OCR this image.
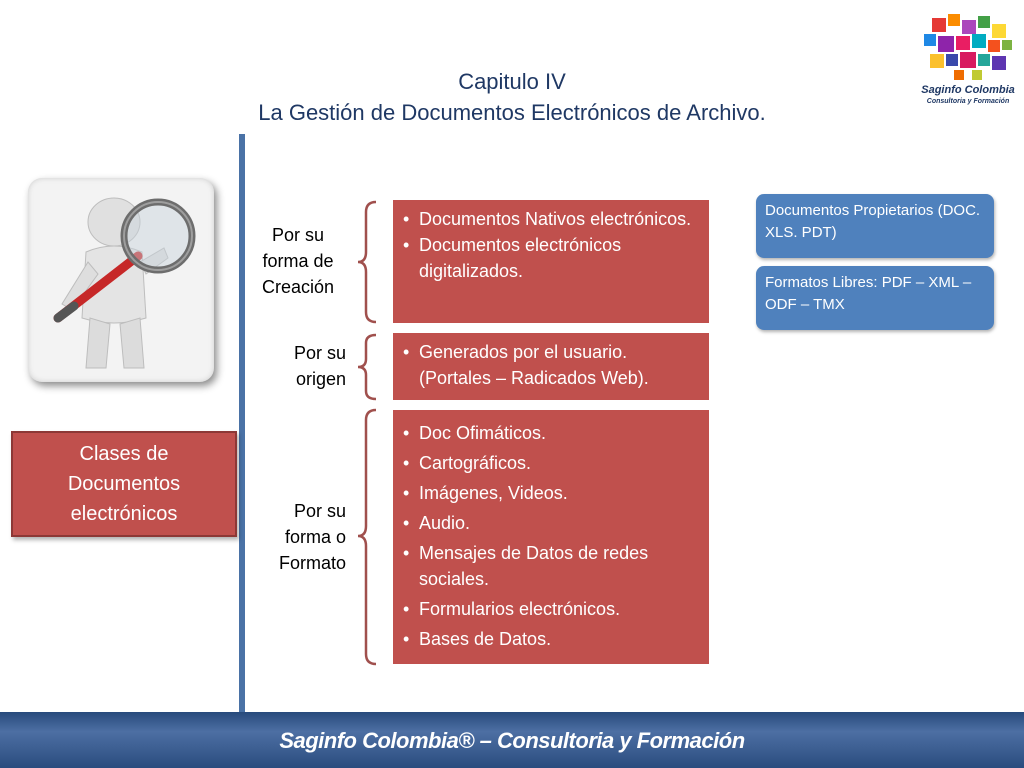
Capitulo IV
La Gestión de Documentos Electrónicos de Archivo.
Saginfo Colombia
Consultoria y Formación
Clases de
Documentos
electrónicos
Por su
forma de
Creación
• Documentos Nativos electrónicos.
• Documentos electrónicos digitalizados.
Por su
origen
• Generados por el usuario. (Portales – Radicados Web).
Por su
forma o
Formato
• Doc Ofimáticos.
• Cartográficos.
• Imágenes, Videos.
• Audio.
• Mensajes de Datos de redes sociales.
• Formularios electrónicos.
• Bases de Datos.
Documentos Propietarios (DOC. XLS. PDT)
Formatos Libres: PDF – XML – ODF – TMX
Saginfo Colombia® – Consultoria y Formación
